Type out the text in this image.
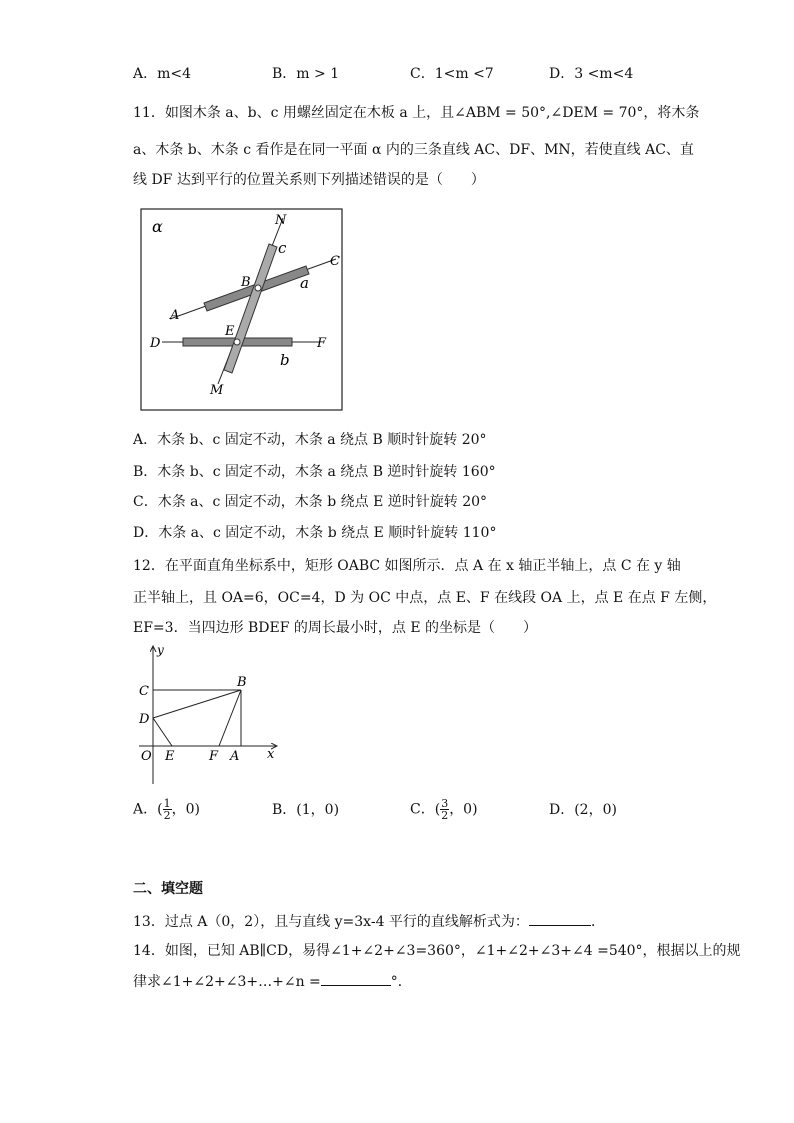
A．m<4	B．m > 1	C．1<m <7	D．3 <m<4
11．如图木条 a、b、c 用螺丝固定在木板 a 上，且∠ABM = 50°,∠DEM = 70°，将木条
a、木条 b、木条 c 看作是在同一平面 α 内的三条直线 AC、DF、MN，若使直线 AC、直
线 DF 达到平行的位置关系则下列描述错误的是（　　）
α	N
c
C
B	a
A
E
D	F
b
M
A．木条 b、c 固定不动，木条 a 绕点 B 顺时针旋转 20°
B．木条 b、c 固定不动，木条 a 绕点 B 逆时针旋转 160°
C．木条 a、c 固定不动，木条 b 绕点 E 逆时针旋转 20°
D．木条 a、c 固定不动，木条 b 绕点 E 顺时针旋转 110°
12．在平面直角坐标系中，矩形 OABC 如图所示．点 A 在 x 轴正半轴上，点 C 在 y 轴
正半轴上，且 OA=6，OC=4，D 为 OC 中点，点 E、F 在线段 OA 上，点 E 在点 F 左侧，
EF=3．当四边形 BDEF 的周长最小时，点 E 的坐标是（　　）
y
x
C
B
D
O E	F A
A．( $\frac{1}{2}$ ，0)	B．(1，0)	C．( $\frac{3}{2}$ ，0)	D．(2，0)
二、填空题
13．过点 A（0，2），且与直线 y=3x-4 平行的直线解析式为：	．
14．如图，已知 AB∥CD，易得∠1+∠2+∠3=360°，∠1+∠2+∠3+∠4 =540°，根据以上的规
律求∠1+∠2+∠3+…+∠n =	°．
